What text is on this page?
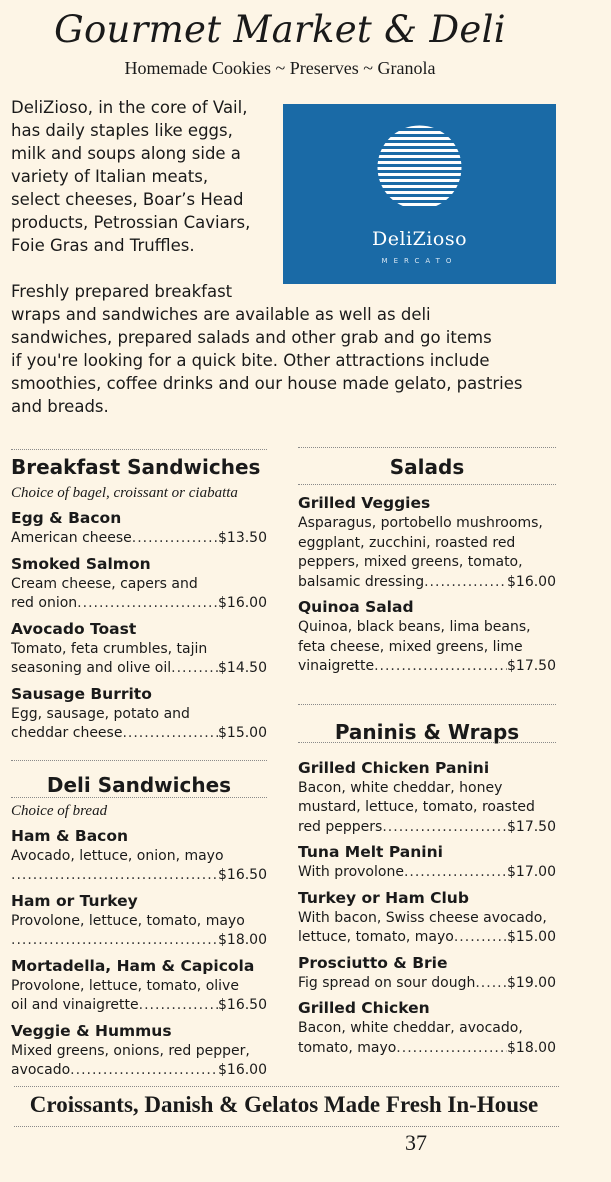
Gourmet Market & Deli
Homemade Cookies ~ Preserves ~ Granola
DeliZioso, in the core of Vail,
has daily staples like eggs,
milk and soups along side a
variety of Italian meats,
select cheeses, Boar’s Head
products, Petrossian Caviars,
Foie Gras and Truffles.	DeliZioso
MERCATO
Freshly prepared breakfast
wraps and sandwiches are available as well as deli
sandwiches, prepared salads and other grab and go items
if you're looking for a quick bite. Other attractions include
smoothies, coffee drinks and our house made gelato, pastries
and breads.
Breakfast Sandwiches
Choice of bagel, croissant or ciabatta
Egg & Bacon
American cheese .....	$13.50
Smoked Salmon
Cream cheese, capers and
red onion .....	$16.00
Avocado Toast
Tomato, feta crumbles, tajin
seasoning and olive oil .....	$14.50
Sausage Burrito
Egg, sausage, potato and
cheddar cheese .....	$15.00
Deli Sandwiches
Choice of bread
Ham & Bacon
Avocado, lettuce, onion, mayo
.....
$16.50
Ham or Turkey
Provolone, lettuce, tomato, mayo
.....
$18.00
Mortadella, Ham & Capicola
Provolone, lettuce, tomato, olive
oil and vinaigrette .....	$16.50
Veggie & Hummus
Mixed greens, onions, red pepper,
avocado .....	$16.00
Salads
Grilled Veggies
Asparagus, portobello mushrooms, eggplant, zucchini, roasted red peppers, mixed greens, tomato,
balsamic dressing .....	$16.00
Quinoa Salad
Quinoa, black beans, lima beans, feta cheese, mixed greens, lime
vinaigrette .....	$17.50
Paninis & Wraps
Grilled Chicken Panini
Bacon, white cheddar, honey mustard, lettuce, tomato, roasted
red peppers .....	$17.50
Tuna Melt Panini
With provolone .....	$17.00
Turkey or Ham Club
With bacon, Swiss cheese avocado,
lettuce, tomato, mayo .....	$15.00
Prosciutto & Brie
Fig spread on sour dough ..... $19.00
Grilled Chicken
Bacon, white cheddar, avocado,
tomato, mayo .....	$18.00
Croissants, Danish & Gelatos Made Fresh In-House
37
